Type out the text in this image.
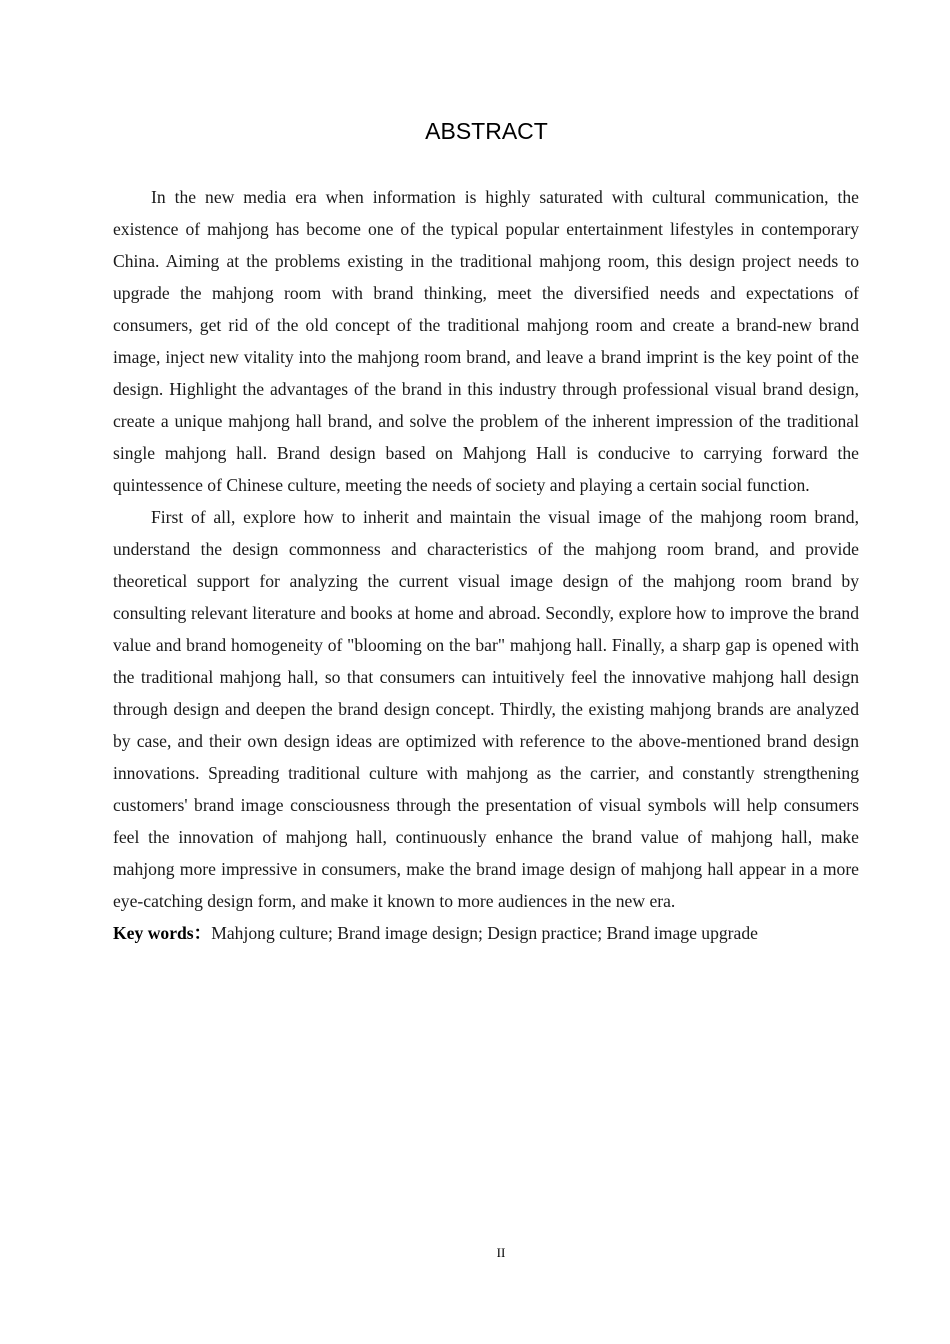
ABSTRACT

In the new media era when information is highly saturated with cultural communication, the existence of mahjong has become one of the typical popular entertainment lifestyles in contemporary China. Aiming at the problems existing in the traditional mahjong room, this design project needs to upgrade the mahjong room with brand thinking, meet the diversified needs and expectations of consumers, get rid of the old concept of the traditional mahjong room and create a brand-new brand image, inject new vitality into the mahjong room brand, and leave a brand imprint is the key point of the design. Highlight the advantages of the brand in this industry through professional visual brand design, create a unique mahjong hall brand, and solve the problem of the inherent impression of the traditional single mahjong hall. Brand design based on Mahjong Hall is conducive to carrying forward the quintessence of Chinese culture, meeting the needs of society and playing a certain social function.

First of all, explore how to inherit and maintain the visual image of the mahjong room brand, understand the design commonness and characteristics of the mahjong room brand, and provide theoretical support for analyzing the current visual image design of the mahjong room brand by consulting relevant literature and books at home and abroad. Secondly, explore how to improve the brand value and brand homogeneity of "blooming on the bar" mahjong hall. Finally, a sharp gap is opened with the traditional mahjong hall, so that consumers can intuitively feel the innovative mahjong hall design through design and deepen the brand design concept. Thirdly, the existing mahjong brands are analyzed by case, and their own design ideas are optimized with reference to the above-mentioned brand design innovations. Spreading traditional culture with mahjong as the carrier, and constantly strengthening customers' brand image consciousness through the presentation of visual symbols will help consumers feel the innovation of mahjong hall, continuously enhance the brand value of mahjong hall, make mahjong more impressive in consumers, make the brand image design of mahjong hall appear in a more eye-catching design form, and make it known to more audiences in the new era.

Key words：Mahjong culture; Brand image design; Design practice; Brand image upgrade

II
